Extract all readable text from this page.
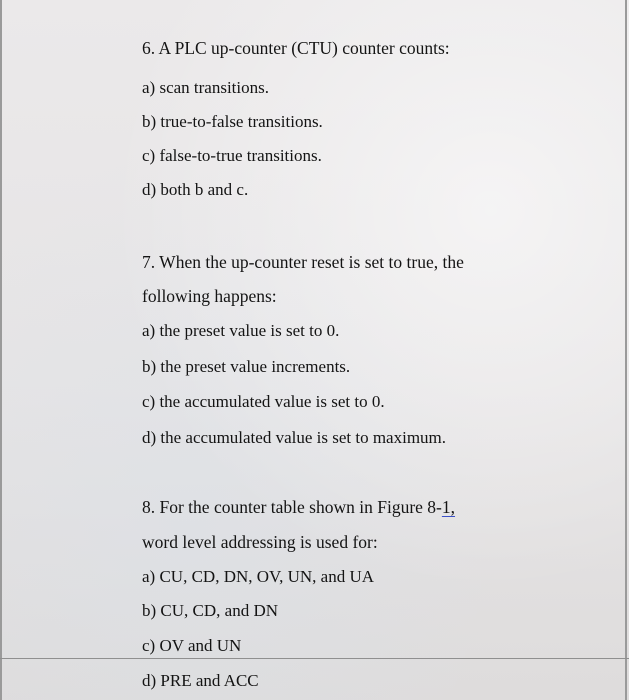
6. A PLC up-counter (CTU) counter counts:

a) scan transitions.

b) true-to-false transitions.

c) false-to-true transitions.

d) both b and c.

7. When the up-counter reset is set to true, the

following happens:

a) the preset value is set to 0.

b) the preset value increments.

c) the accumulated value is set to 0.

d) the accumulated value is set to maximum.

8. For the counter table shown in Figure 8-1,

word level addressing is used for:

a) CU, CD, DN, OV, UN, and UA

b) CU, CD, and DN

c) OV and UN

d) PRE and ACC
